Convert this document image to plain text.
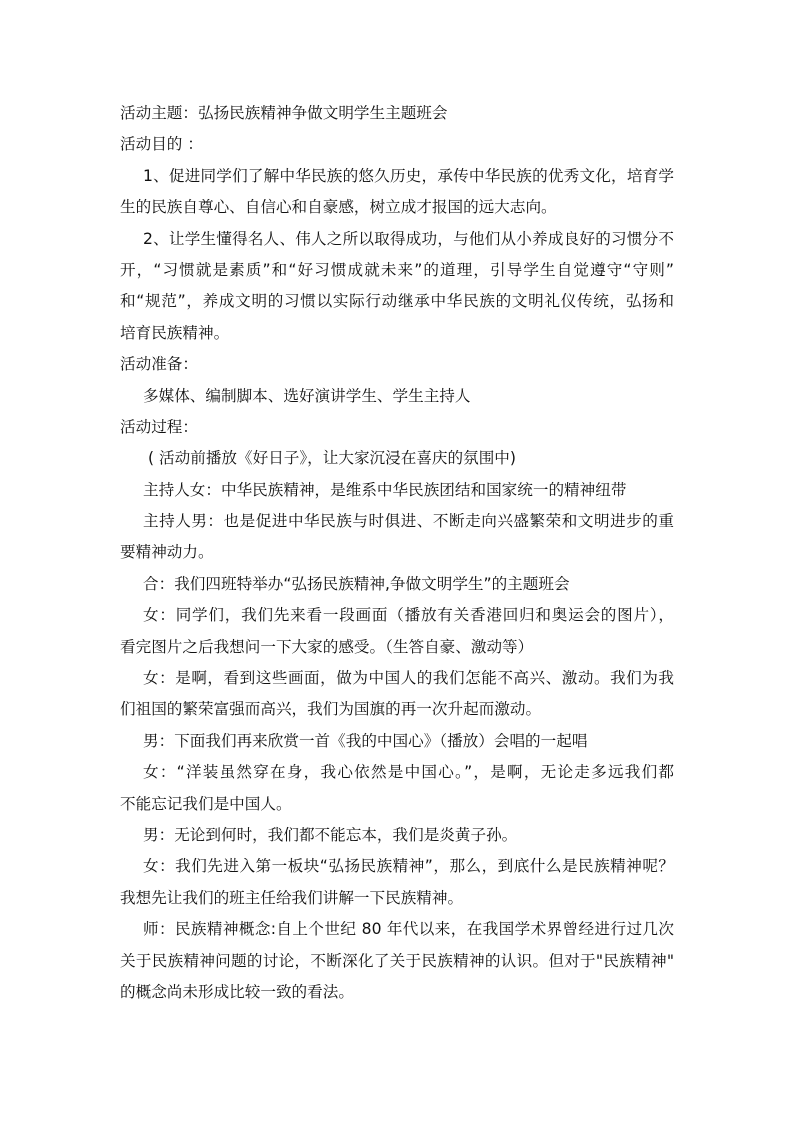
活动主题：弘扬民族精神争做文明学生主题班会
活动目的 ：
1、促进同学们了解中华民族的悠久历史，承传中华民族的优秀文化，培育学
生的民族自尊心、自信心和自豪感，树立成才报国的远大志向。
2、让学生懂得名人、伟人之所以取得成功，与他们从小养成良好的习惯分不
开，“习惯就是素质”和“好习惯成就未来”的道理，引导学生自觉遵守“守则”
和“规范”，养成文明的习惯以实际行动继承中华民族的文明礼仪传统，弘扬和
培育民族精神。
活动准备：
多媒体、编制脚本、选好演讲学生、学生主持人
活动过程：
( 活动前播放《好日子》，让大家沉浸在喜庆的氛围中)
主持人女：中华民族精神，是维系中华民族团结和国家统一的精神纽带
主持人男：也是促进中华民族与时俱进、不断走向兴盛繁荣和文明进步的重
要精神动力。
合：我们四班特举办“弘扬民族精神,争做文明学生”的主题班会
女：同学们，我们先来看一段画面（播放有关香港回归和奥运会的图片），
看完图片之后我想问一下大家的感受。（生答自豪、激动等）
女：是啊，看到这些画面，做为中国人的我们怎能不高兴、激动。我们为我
们祖国的繁荣富强而高兴，我们为国旗的再一次升起而激动。
男：下面我们再来欣赏一首《我的中国心》（播放）会唱的一起唱
女：“洋装虽然穿在身，我心依然是中国心。”，是啊，无论走多远我们都
不能忘记我们是中国人。
男：无论到何时，我们都不能忘本，我们是炎黄子孙。
女：我们先进入第一板块“弘扬民族精神”，那么，到底什么是民族精神呢？
我想先让我们的班主任给我们讲解一下民族精神。
师：民族精神概念:自上个世纪 80 年代以来，在我国学术界曾经进行过几次
关于民族精神问题的讨论，不断深化了关于民族精神的认识。但对于"民族精神"
的概念尚未形成比较一致的看法。
